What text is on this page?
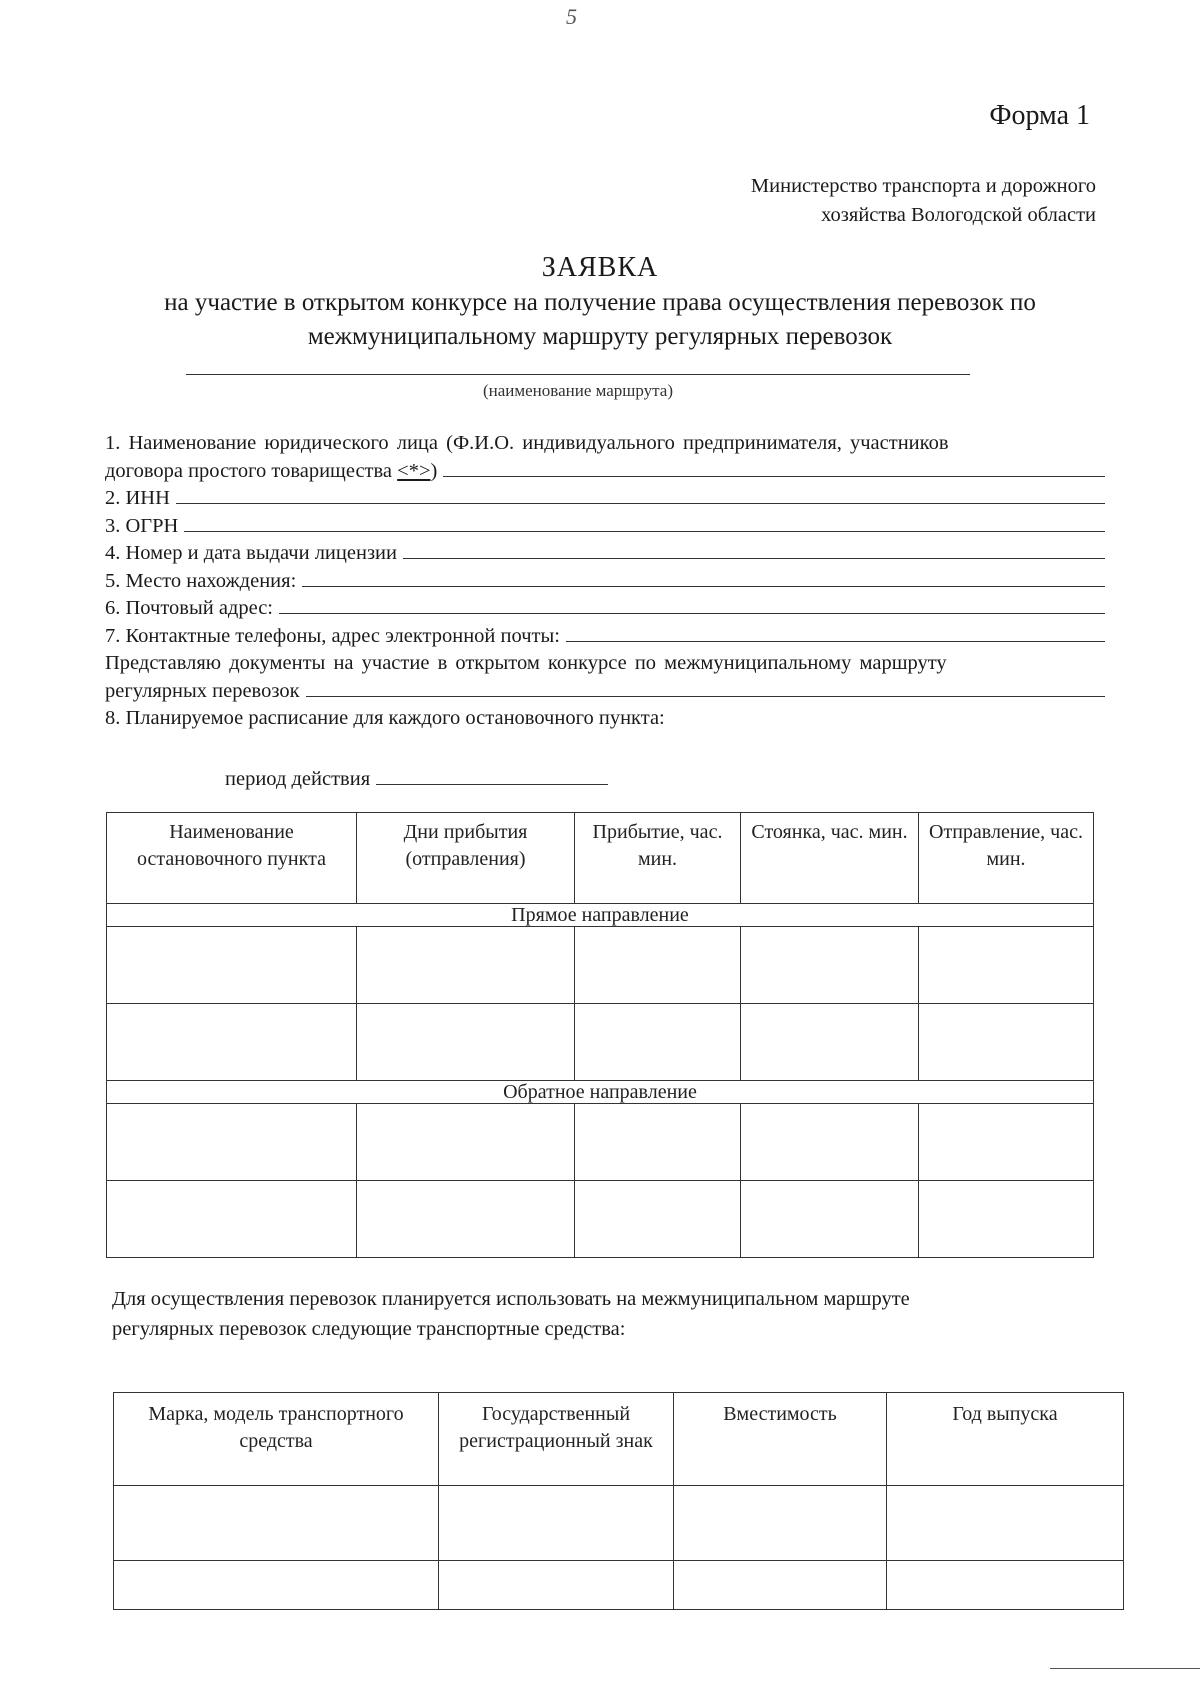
5
Форма 1
Министерство транспорта и дорожного
хозяйства Вологодской области
ЗАЯВКА
на участие в открытом конкурсе на получение права осуществления перевозок по
межмуниципальному маршруту регулярных перевозок
(наименование маршрута)
1. Наименование юридического лица (Ф.И.О. индивидуального предпринимателя, участников
договора простого товарищества
<*> )
2. ИНН
3. ОГРН
4. Номер и дата выдачи лицензии
5. Место нахождения:
6. Почтовый адрес:
7. Контактные телефоны, адрес электронной почты:
Представляю документы на участие в открытом конкурсе по межмуниципальному маршруту
регулярных перевозок
8. Планируемое расписание для каждого остановочного пункта:
период действия
Наименование остановочного пункта	Дни прибытия (отправления)	Прибытие, час. мин.	Стоянка, час. мин.	Отправление, час. мин.
Прямое направление				

Обратное направление				

Для осуществления перевозок планируется использовать на межмуниципальном маршруте
регулярных перевозок следующие транспортные средства:
Марка, модель транспортного средства	Государственный регистрационный знак	Вместимость	Год выпуска
